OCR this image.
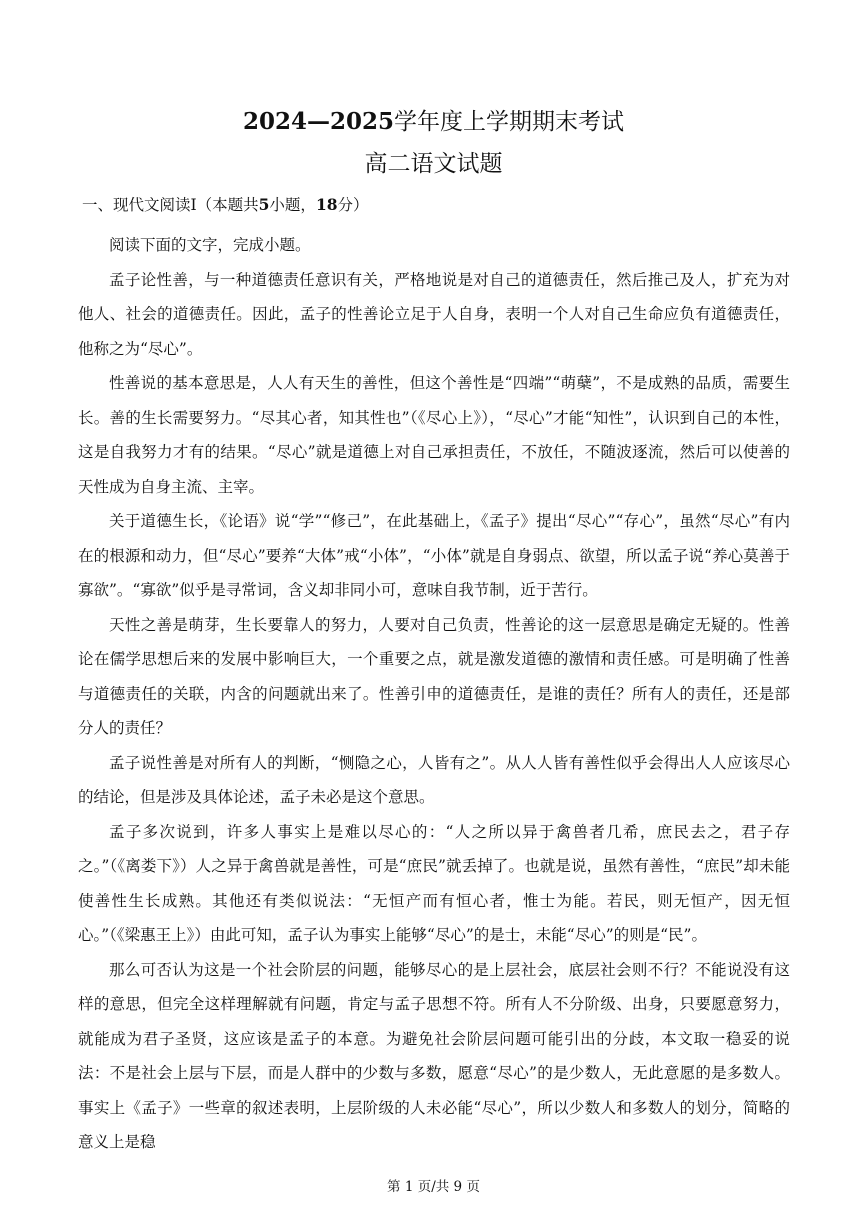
2024—2025学年度上学期期末考试
高二语文试题
一、现代文阅读Ⅰ（本题共5小题，18分）

阅读下面的文字，完成小题。

孟子论性善，与一种道德责任意识有关，严格地说是对自己的道德责任，然后推己及人，扩充为对他人、社会的道德责任。因此，孟子的性善论立足于人自身，表明一个人对自己生命应负有道德责任，他称之为“尽心”。

性善说的基本意思是，人人有天生的善性，但这个善性是“四端”“萌蘖”，不是成熟的品质，需要生长。善的生长需要努力。“尽其心者，知其性也”（《尽心上》），“尽心”才能“知性”，认识到自己的本性，这是自我努力才有的结果。“尽心”就是道德上对自己承担责任，不放任，不随波逐流，然后可以使善的天性成为自身主流、主宰。

关于道德生长，《论语》说“学”“修己”，在此基础上，《孟子》提出“尽心”“存心”，虽然“尽心”有内在的根源和动力，但“尽心”要养“大体”戒“小体”，“小体”就是自身弱点、欲望，所以孟子说“养心莫善于寡欲”。“寡欲”似乎是寻常词，含义却非同小可，意味自我节制，近于苦行。

天性之善是萌芽，生长要靠人的努力，人要对自己负责，性善论的这一层意思是确定无疑的。性善论在儒学思想后来的发展中影响巨大，一个重要之点，就是激发道德的激情和责任感。可是明确了性善与道德责任的关联，内含的问题就出来了。性善引申的道德责任，是谁的责任？所有人的责任，还是部分人的责任？

孟子说性善是对所有人的判断，“恻隐之心，人皆有之”。从人人皆有善性似乎会得出人人应该尽心的结论，但是涉及具体论述，孟子未必是这个意思。

孟子多次说到，许多人事实上是难以尽心的：“人之所以异于禽兽者几希，庶民去之，君子存之。”（《离娄下》）人之异于禽兽就是善性，可是“庶民”就丢掉了。也就是说，虽然有善性，“庶民”却未能使善性生长成熟。其他还有类似说法：“无恒产而有恒心者，惟士为能。若民，则无恒产，因无恒心。”（《梁惠王上》）由此可知，孟子认为事实上能够“尽心”的是士，未能“尽心”的则是“民”。

那么可否认为这是一个社会阶层的问题，能够尽心的是上层社会，底层社会则不行？不能说没有这样的意思，但完全这样理解就有问题，肯定与孟子思想不符。所有人不分阶级、出身，只要愿意努力，就能成为君子圣贤，这应该是孟子的本意。为避免社会阶层问题可能引出的分歧，本文取一稳妥的说法：不是社会上层与下层，而是人群中的少数与多数，愿意“尽心”的是少数人，无此意愿的是多数人。事实上《孟子》一些章的叙述表明，上层阶级的人未必能“尽心”，所以少数人和多数人的划分，简略的意义上是稳

第 1 页/共 9 页
